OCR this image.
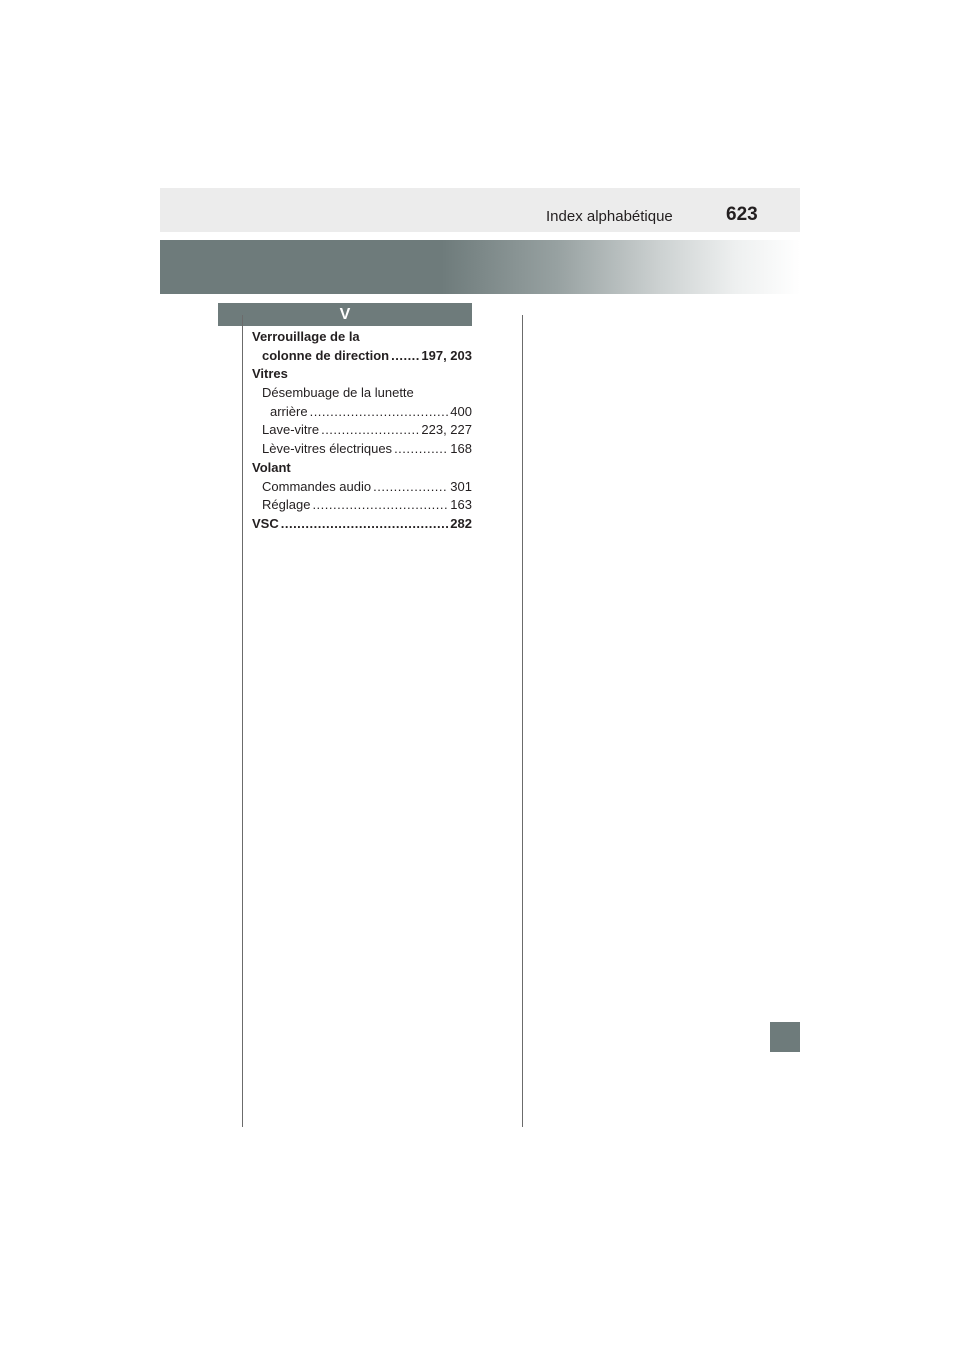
Index alphabétique	623
V
Verrouillage de la
colonne de direction ..... 197, 203
Vitres
Désembuage de la lunette
arrière .....	400
Lave-vitre .....	223, 227
Lève-vitres électriques .....	168
Volant
Commandes audio .....	301
Réglage .....	163
VSC .....	282
